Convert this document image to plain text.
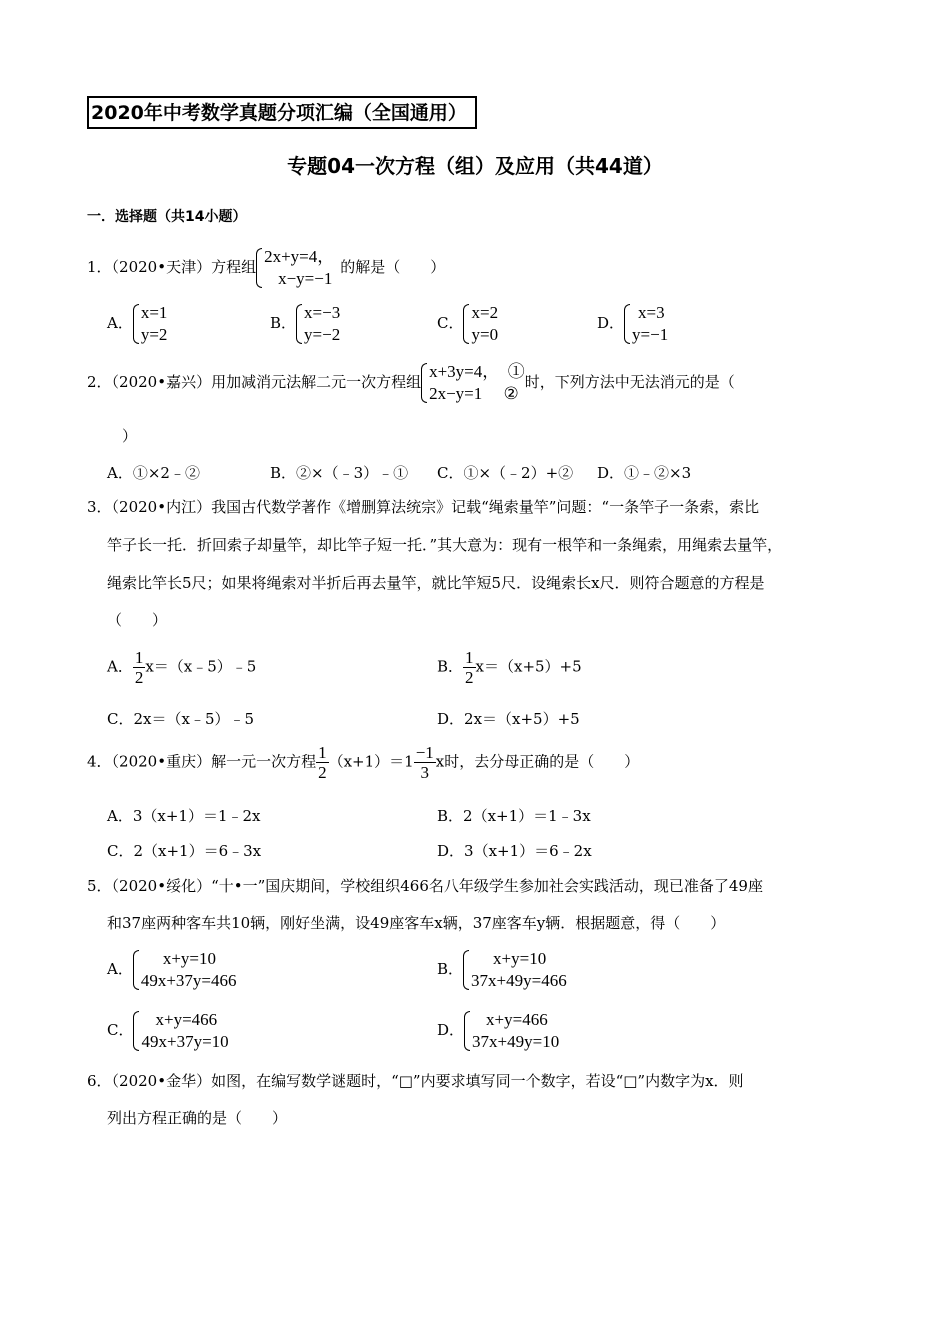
2020年中考数学真题分项汇编（全国通用）
专题04一次方程（组）及应用（共44道）
一．选择题（共14小题）
1．（2020•天津）方程组
2x+y=4，
x−y=−1
的解是（　　）
A．
x=1
y=2
B．
x=−3
y=−2
C．
x=2
y=0
D．
x=3
y=−1
2．（2020•嘉兴）用加减消元法解二元一次方程组
x+3y=4，  ①
2x−y=1     ②
时，下列方法中无法消元的是（
）
A．①×2﹣②	B．②×（﹣3）﹣① C．①×（﹣2）+② D．①﹣②×3
3．（2020•内江）我国古代数学著作《增删算法统宗》记载“绳索量竿”问题：“一条竿子一条索，索比
竿子长一托．折回索子却量竿，却比竿子短一托．”其大意为：现有一根竿和一条绳索，用绳索去量竿，
绳索比竿长5尺；如果将绳索对半折后再去量竿，就比竿短5尺．设绳索长x尺．则符合题意的方程是
（　　）
A． $\frac{1}{2}$ x＝（x﹣5）﹣5	B． $\frac{1}{2} x=(x+5)+5$
C．2x＝（x﹣5）﹣5	D．2x＝（x+5）+5
4．（2020•重庆）解一元一次方程 $\frac{1}{2} (x+1)=1 \frac{-1}{3}$ x时，去分母正确的是（　　）
A．3（x+1）＝1﹣2x	B．2（x+1）＝1﹣3x
C．2（x+1）＝6﹣3x	D．3（x+1）＝6﹣2x
5．（2020•绥化）“十•一”国庆期间，学校组织466名八年级学生参加社会实践活动，现已准备了49座
和37座两种客车共10辆，刚好坐满，设49座客车x辆，37座客车y辆．根据题意，得（　　）
A．
x+y=10
49x+37y=466
B．
x+y=10
37x+49y=466
C．
x+y=466
49x+37y=10
D．
x+y=466
37x+49y=10
6．（2020•金华）如图，在编写数学谜题时，“□”内要求填写同一个数字，若设“□”内数字为x．则
列出方程正确的是（　　）
